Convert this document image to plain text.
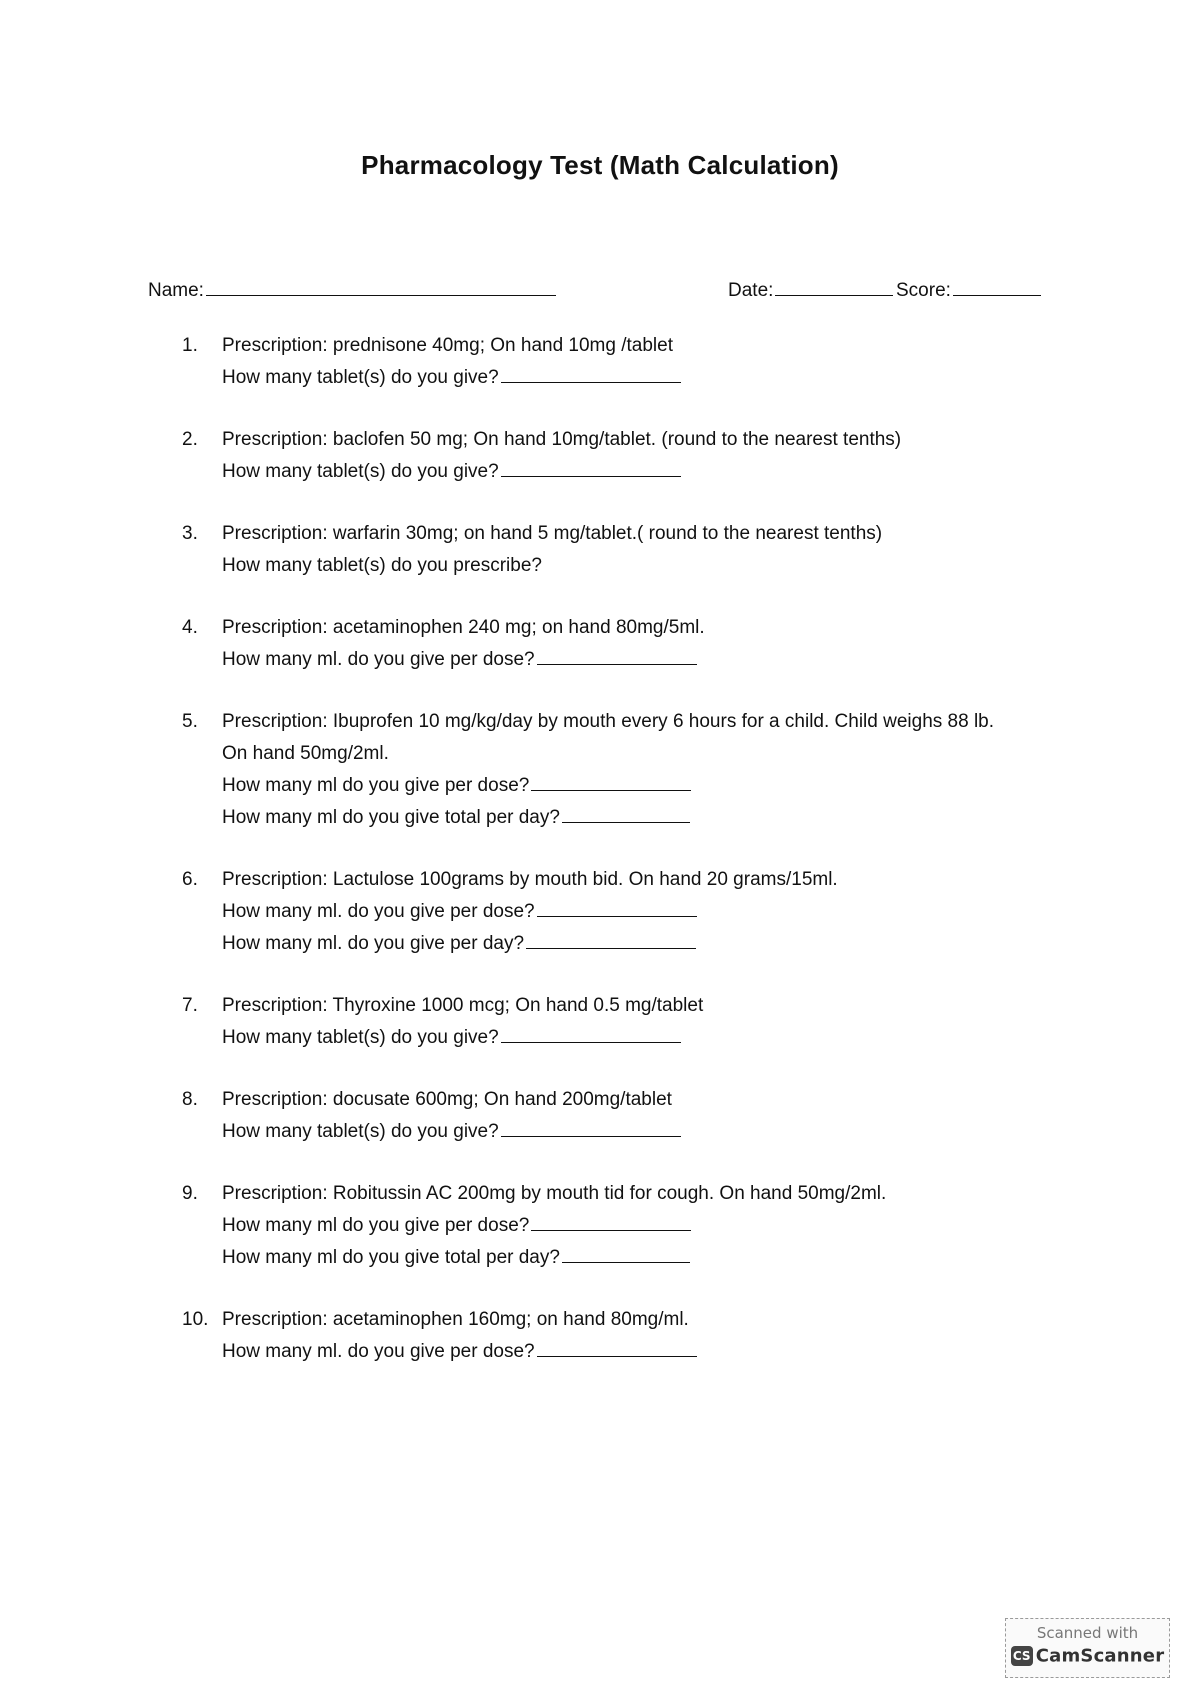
Pharmacology Test (Math Calculation)
Name:	Date:	Score:
1. Prescription: prednisone 40mg; On hand 10mg /tablet
How many tablet(s) do you give?
2. Prescription: baclofen 50 mg; On hand 10mg/tablet. (round to the nearest tenths)
How many tablet(s) do you give?
3. Prescription: warfarin 30mg; on hand 5 mg/tablet.( round to the nearest tenths)
How many tablet(s) do you prescribe?
4. Prescription: acetaminophen 240 mg; on hand 80mg/5ml.
How many ml. do you give per dose?
5. Prescription: Ibuprofen 10 mg/kg/day by mouth every 6 hours for a child. Child weighs 88 lb.
On hand 50mg/2ml.
How many ml do you give per dose?
How many ml do you give total per day?
6. Prescription: Lactulose 100grams by mouth bid. On hand 20 grams/15ml.
How many ml. do you give per dose?
How many ml. do you give per day?
7. Prescription: Thyroxine 1000 mcg; On hand 0.5 mg/tablet
How many tablet(s) do you give?
8. Prescription: docusate 600mg; On hand 200mg/tablet
How many tablet(s) do you give?
9. Prescription: Robitussin AC 200mg by mouth tid for cough. On hand 50mg/2ml.
How many ml do you give per dose?
How many ml do you give total per day?
10. Prescription: acetaminophen 160mg; on hand 80mg/ml.
How many ml. do you give per dose?
Scanned with
CS CamScanner
